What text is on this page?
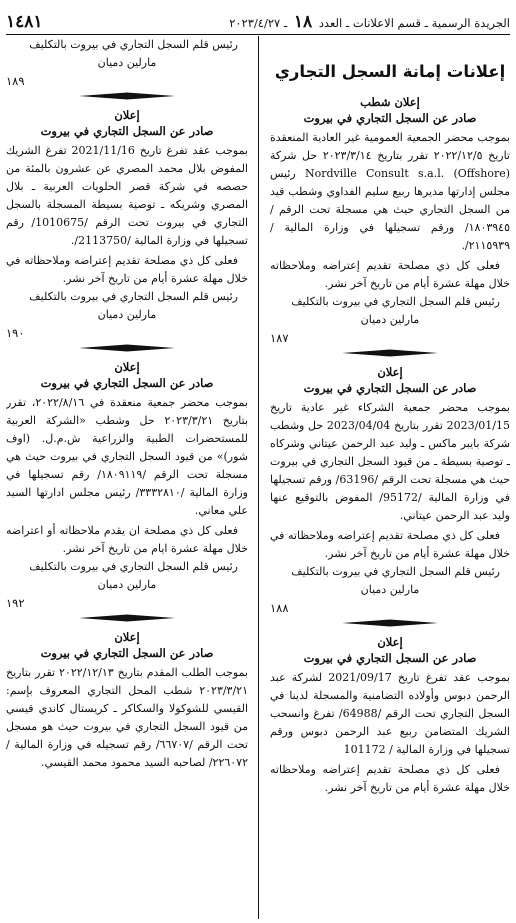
الجريدة الرسمية ـ قسم الاعلانات ـ العدد ١٨ ـ ٢٠٢٣/٤/٢٧
١٤٨١
إعلانات إمانة السجل التجاري
إعلان شطب
صادر عن السجل التجاري في بيروت

بموجب محضر الجمعية العمومية غير العادية المنعقدة تاريخ ٢٠٢٢/١٢/٥ تقرر بتاريخ ٢٠٢٣/٣/١٤ حل شركة Nordville Consult s.a.l. (Offshore) رئيس مجلس إدارتها مديرها ربيع سليم الفداوي وشطب قيد من السجل التجاري حيث هي مسجلة تحت الرقم /١٨٠٣٩٤٥/ ورقم تسجيلها في وزارة المالية /٢١١٥٩٣٩/.

فعلى كل ذي مصلحة تقديم إعتراضه وملاحظاته خلال مهلة عشرة أيام من تاريخ آخر نشر.

رئيس قلم السجل التجاري في بيروت بالتكليف

مارلين دميان

١٨٧
إعلان
صادر عن السجل التجاري في بيروت

بموجب محضر جمعية الشركاء غير عادية تاريخ 2023/01/15 تقرر بتاريخ 2023/04/04 حل وشطب شركة بايبر ماكس ـ وليد عبد الرحمن عيتاني وشركاه ـ توصية بسيطة ـ من قيود السجل التجاري في بيروت حيث هي مسجلة تحت الرقم /63196/ ورقم تسجيلها في وزارة المالية /95172/ المفوض بالتوقيع عنها وليد عبد الرحمن عيتاني.

فعلى كل ذي مصلحة تقديم إعتراضه وملاحظاته في خلال مهلة عشرة أيام من تاريخ آخر نشر.

رئيس قلم السجل التجاري في بيروت بالتكليف

مارلين دميان

١٨٨
إعلان
صادر عن السجل التجاري في بيروت

بموجب عقد تفرغ تاريخ 2021/09/17 لشركة عبد الرحمن دبوس وأولاده التضامنية والمسجلة لدينا في السجل التجاري تحت الرقم /64988/ تفرغ وانسحب الشريك المتضامن ربيع عبد الرحمن دبوس ورقم تسجيلها في وزارة المالية / 101172

فعلى كل ذي مصلحة تقديم إعتراضه وملاحظاته خلال مهلة عشرة أيام من تاريخ آخر نشر.

رئيس قلم السجل التجاري في بيروت بالتكليف

مارلين دميان

١٨٩
إعلان
صادر عن السجل التجاري في بيروت

بموجب عقد تفرغ تاريخ 2021/11/16 تفرغ الشريك المفوض بلال محمد المصري عن عشرون بالمئة من حصصه في شركة قصر الحلويات العربية ـ بلال المصري وشريكه ـ توصية بسيطة المسجلة بالسجل التجاري في بيروت تحت الرقم /1010675/ رقم تسجيلها في وزارة المالية /2113750/.

فعلى كل ذي مصلحة تقديم إعتراضه وملاحظاته في خلال مهلة عشرة أيام من تاريخ آخر نشر.

رئيس قلم السجل التجاري في بيروت بالتكليف

مارلين دميان

١٩٠
إعلان
صادر عن السجل التجاري في بيروت

بموجب محضر جمعية منعقدة في ٢٠٢٢/٨/١٦، تقرر بتاريخ ٢٠٢٣/٣/٢١ حل وشطب «الشركة العربية للمستحضرات الطبية والزراعية ش.م.ل. (اوف شور)» من قيود السجل التجاري في بيروت حيث هي مسجلة تحت الرقم /١٨٠٩١١٩/ رقم تسجيلها في وزارة المالية /٣٣٣٢٨١٠/ رئيس مجلس ادارتها السيد علي معاني.

فعلى كل ذي مصلحة ان يقدم ملاحظاته أو اعتراضه خلال مهلة عشرة ايام من تاريخ آخر نشر.

رئيس قلم السجل التجاري في بيروت بالتكليف

مارلين دميان

١٩٢
إعلان
صادر عن السجل التجاري في بيروت

بموجب الطلب المقدم بتاريخ ٢٠٢٢/١٢/١٣ تقرر بتاريخ ٢٠٢٣/٣/٢١ شطب المحل التجاري المعروف بإسم: القيسي للشوكولا والسكاكر ـ كريستال كاندي قيسي من قيود السجل التجاري في بيروت حيث هو مسجل تحت الرقم /٦٦٧٠٧/ رقم تسجيله في وزارة المالية /٢٢٦٠٧٢/ لصاحبه السيد محمود محمد القيسي.
